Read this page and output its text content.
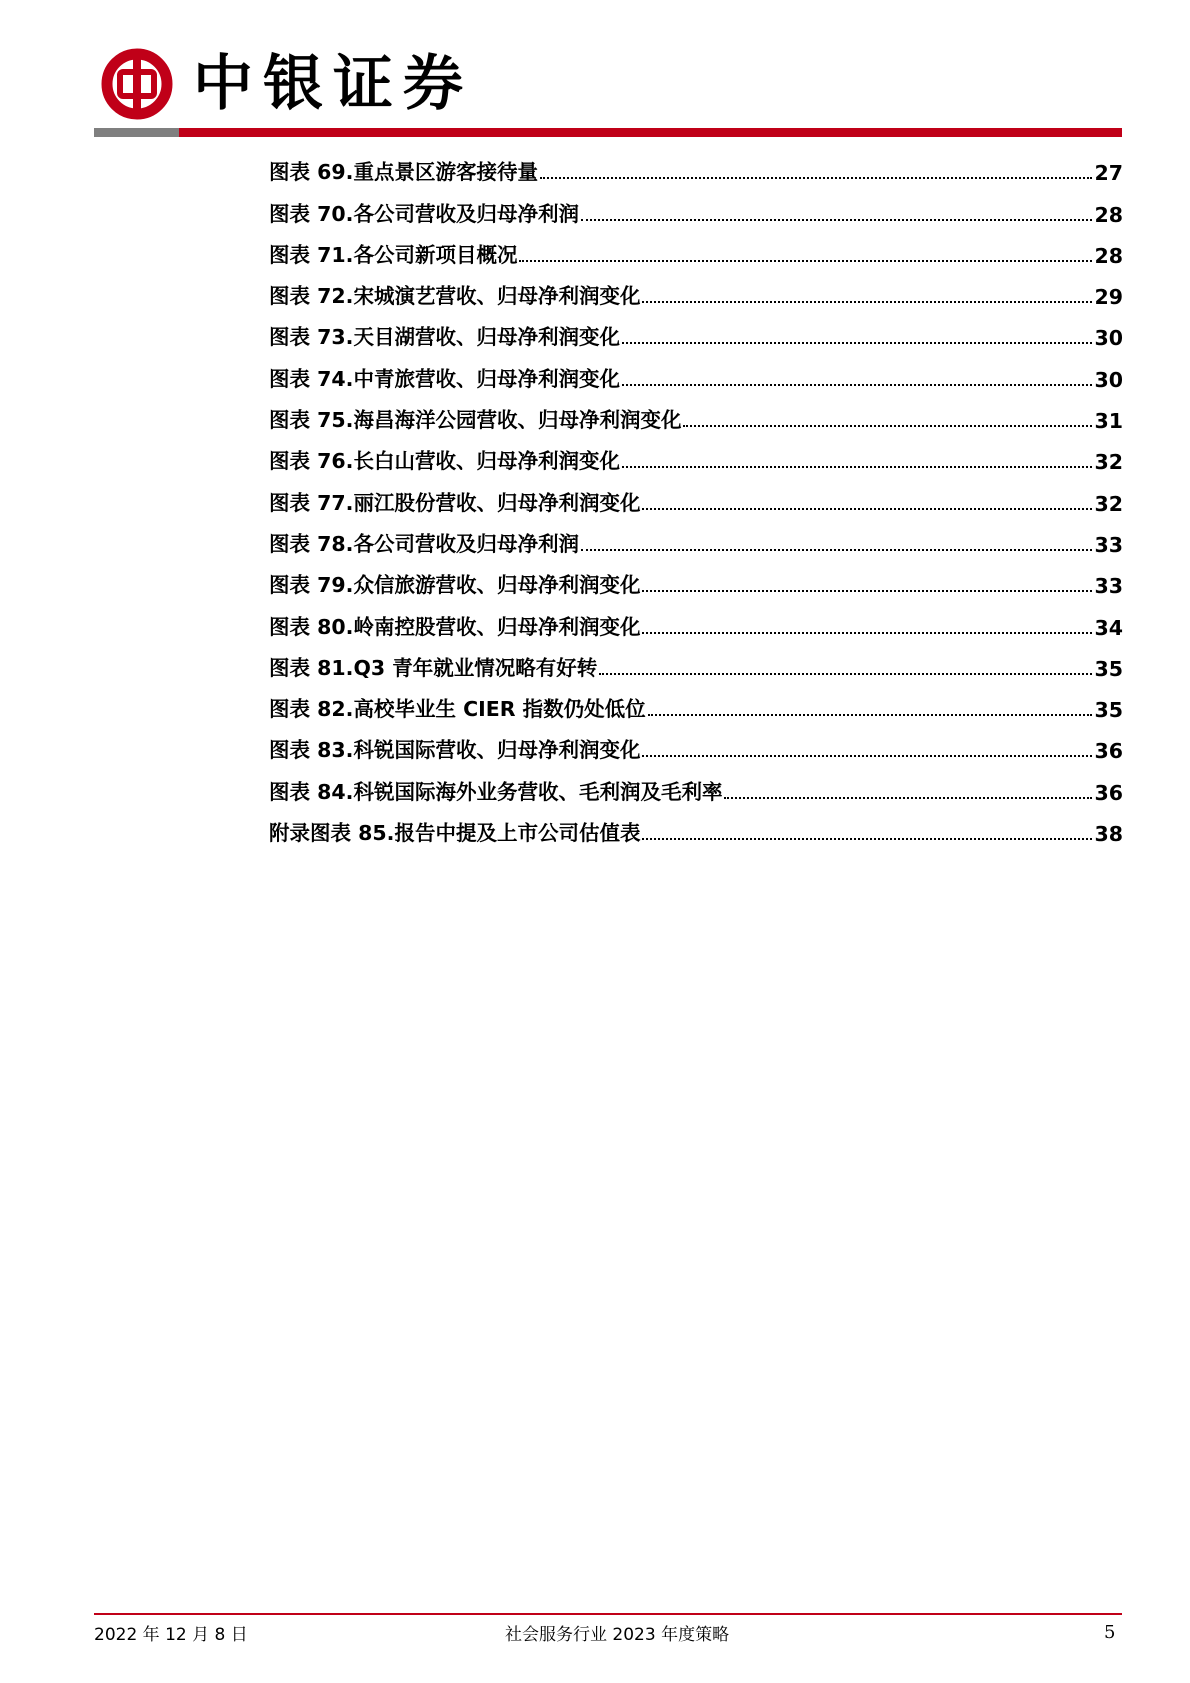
中银证券
图表 69.重点景区游客接待量	27
图表 70.各公司营收及归母净利润	28
图表 71.各公司新项目概况	28
图表 72.宋城演艺营收、归母净利润变化	29
图表 73.天目湖营收、归母净利润变化	30
图表 74.中青旅营收、归母净利润变化	30
图表 75.海昌海洋公园营收、归母净利润变化	31
图表 76.长白山营收、归母净利润变化	32
图表 77.丽江股份营收、归母净利润变化	32
图表 78.各公司营收及归母净利润	33
图表 79.众信旅游营收、归母净利润变化	33
图表 80.岭南控股营收、归母净利润变化	34
图表 81.Q3 青年就业情况略有好转	35
图表 82.高校毕业生 CIER 指数仍处低位	35
图表 83.科锐国际营收、归母净利润变化	36
图表 84.科锐国际海外业务营收、毛利润及毛利率	36
附录图表 85.报告中提及上市公司估值表	38
2022 年 12 月 8 日	社会服务行业 2023 年度策略	5
